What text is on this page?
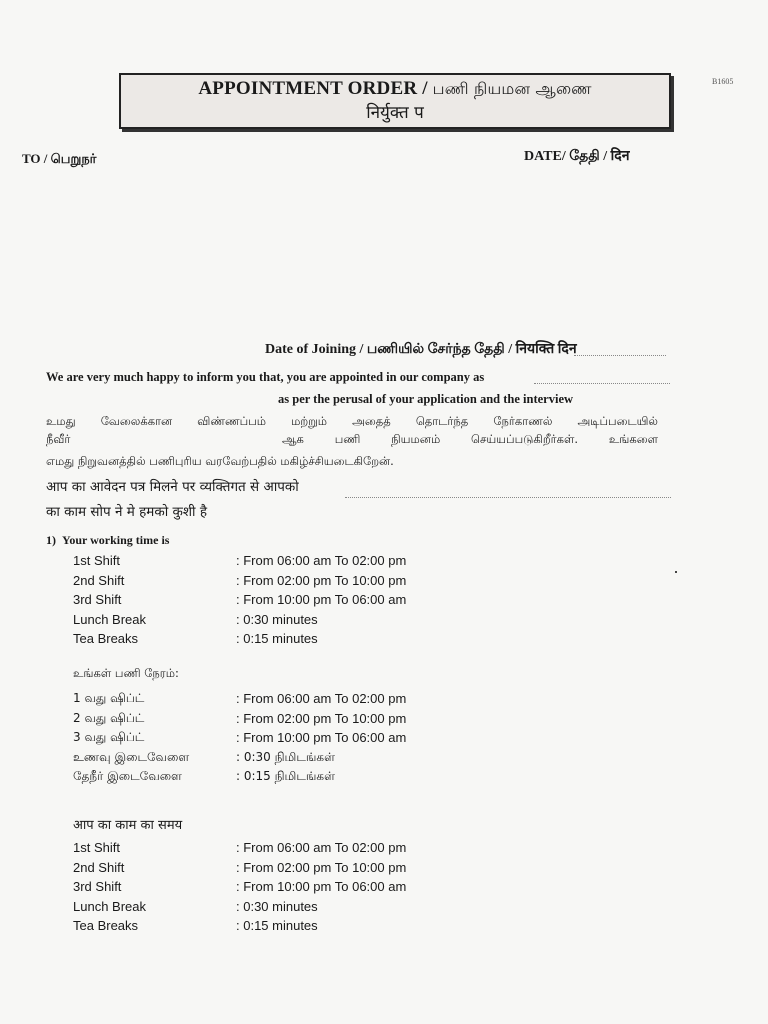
APPOINTMENT ORDER / பணி நியமன ஆணை
निर्युक्त प
B1605
TO / பெறுநர்	DATE/ தேதி / दिन
Date of Joining / பணியில் சேர்ந்த தேதி / नियक्ति दिन
We are very much happy to inform you that, you are appointed in our company as
as per the perusal of your application and the interview
உமது வேலைக்கான விண்ணப்பம் மற்றும் அதைத் தொடர்ந்த நேர்காணல் அடிப்படையில்
நீவீர்	ஆக	பணி	நியமனம்	செய்யப்படுகிறீர்கள்.	உங்களை
எமது நிறுவனத்தில் பணிபுரிய வரவேற்பதில் மகிழ்ச்சியடைகிறேன்.
आप का आवेदन पत्र मिलने पर व्यक्तिगत से आपको
का काम सोप ने मे हमको कुशी है
1) Your working time is
1st Shift	: From 06:00 am To 02:00 pm
2nd Shift	: From 02:00 pm To 10:00 pm
3rd Shift	: From 10:00 pm To 06:00 am
Lunch Break	: 0:30 minutes
Tea Breaks	: 0:15 minutes
உங்கள் பணி நேரம்:
1 வது ஷிப்ட்	: From 06:00 am To 02:00 pm
2 வது ஷிப்ட்	: From 02:00 pm To 10:00 pm
3 வது ஷிப்ட்	: From 10:00 pm To 06:00 am
உணவு இடைவேளை	: 0:30 நிமிடங்கள்
தேநீர் இடைவேளை	: 0:15 நிமிடங்கள்
आप का काम का समय
1st Shift	: From 06:00 am To 02:00 pm
2nd Shift	: From 02:00 pm To 10:00 pm
3rd Shift	: From 10:00 pm To 06:00 am
Lunch Break	: 0:30 minutes
Tea Breaks	: 0:15 minutes
